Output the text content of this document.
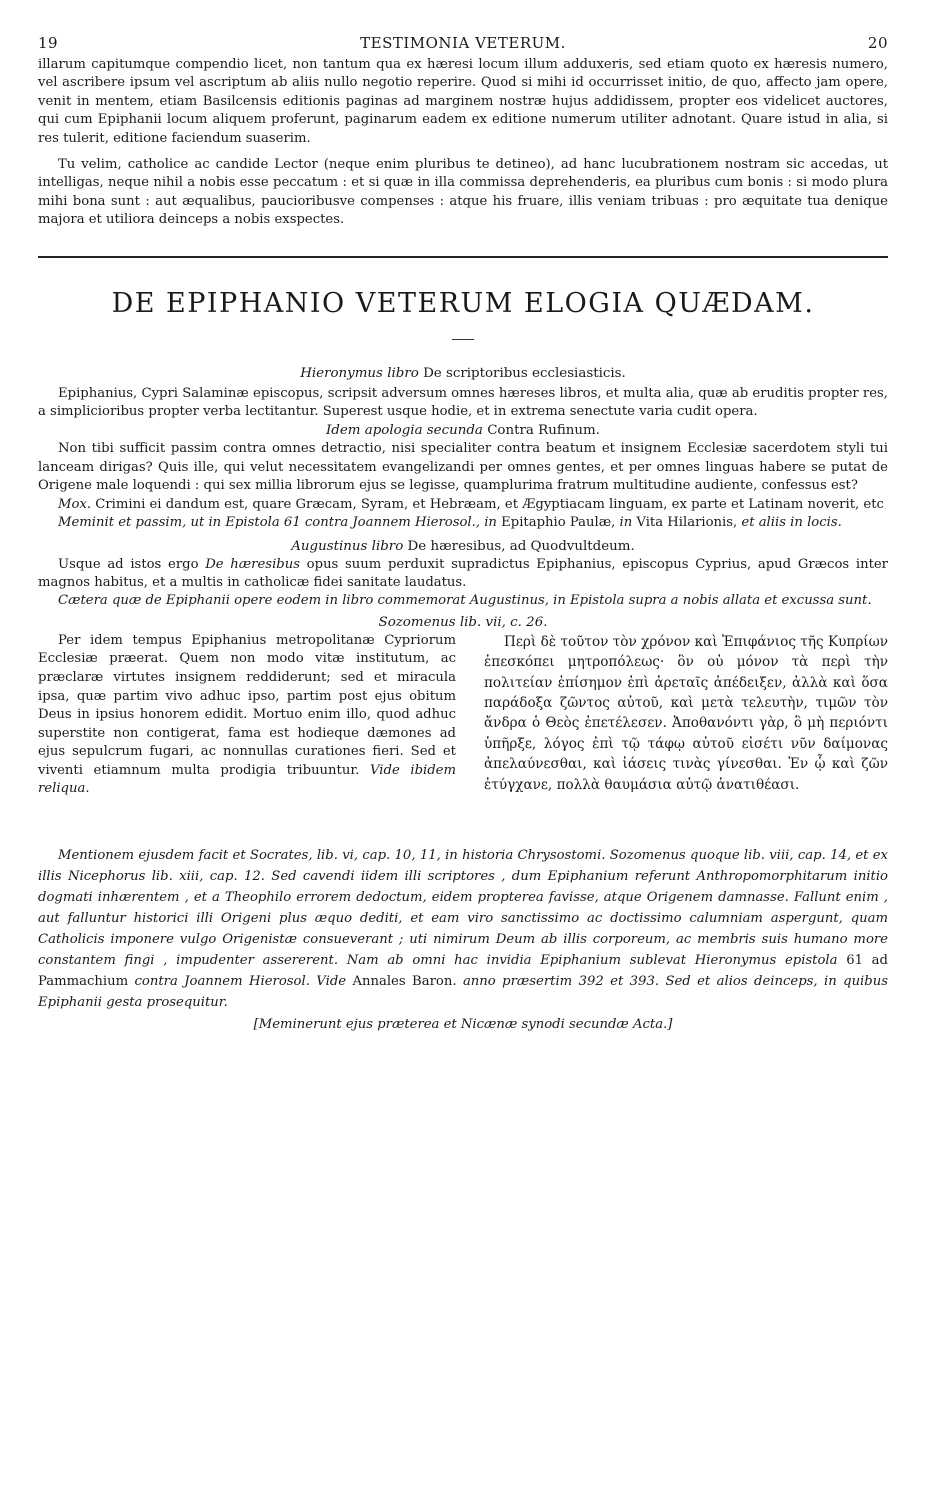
19	TESTIMONIA VETERUM.	20

illarum capitumque compendio licet, non tantum qua ex hæresi locum illum adduxeris, sed etiam quoto ex hæresis numero, vel ascribere ipsum vel ascriptum ab aliis nullo negotio reperire. Quod si mihi id occurrisset initio, de quo, affecto jam opere, venit in mentem, etiam Basilcensis editionis paginas ad marginem nostræ hujus addidissem, propter eos videlicet auctores, qui cum Epiphanii locum aliquem proferunt, paginarum eadem ex editione numerum utiliter adnotant. Quare istud in alia, si res tulerit, editione faciendum suaserim.

Tu velim, catholice ac candide Lector (neque enim pluribus te detineo), ad hanc lucubrationem nostram sic accedas, ut intelligas, neque nihil a nobis esse peccatum : et si quæ in illa commissa deprehenderis, ea pluribus cum bonis : si modo plura mihi bona sunt : aut æqualibus, paucioribusve compenses : atque his fruare, illis veniam tribuas : pro æquitate tua denique majora et utiliora deinceps a nobis exspectes.

DE EPIPHANIO VETERUM ELOGIA QUÆDAM.
Hieronymus libro De scriptoribus ecclesiasticis.

Epiphanius, Cypri Salaminæ episcopus, scripsit adversum omnes hæreses libros, et multa alia, quæ ab eruditis propter res, a simplicioribus propter verba lectitantur. Superest usque hodie, et in extrema senectute varia cudit opera.

Idem apologia secunda Contra Rufinum.

Non tibi sufficit passim contra omnes detractio, nisi specialiter contra beatum et insignem Ecclesiæ sacerdotem styli tui lanceam dirigas? Quis ille, qui velut necessitatem evangelizandi per omnes gentes, et per omnes linguas habere se putat de Origene male loquendi : qui sex millia librorum ejus se legisse, quamplurima fratrum multitudine audiente, confessus est?

Mox. Crimini ei dandum est, quare Græcam, Syram, et Hebræam, et Ægyptiacam linguam, ex parte et Latinam noverit, etc

Meminit et passim, ut in Epistola 61 contra Joannem Hierosol., in Epitaphio Paulæ, in Vita Hilarionis, et aliis in locis.

Augustinus libro De hæresibus, ad Quodvultdeum.

Usque ad istos ergo De hæresibus opus suum perduxit supradictus Epiphanius, episcopus Cyprius, apud Græcos inter magnos habitus, et a multis in catholicæ fidei sanitate laudatus.

Cætera quæ de Epiphanii opere eodem in libro commemorat Augustinus, in Epistola supra a nobis allata et excussa sunt.

Sozomenus lib. vii, c. 26.

Per idem tempus Epiphanius metropolitanæ Cypriorum Ecclesiæ præerat. Quem non modo vitæ institutum, ac præclaræ virtutes insignem reddiderunt; sed et miracula ipsa, quæ partim vivo adhuc ipso, partim post ejus obitum Deus in ipsius honorem edidit. Mortuo enim illo, quod adhuc superstite non contigerat, fama est hodieque dæmones ad ejus sepulcrum fugari, ac nonnullas curationes fieri. Sed et viventi etiamnum multa prodigia tribuuntur. Vide ibidem reliqua.

Περὶ δὲ τοῦτον τὸν χρόνον καὶ Ἐπιφάνιος τῆς Κυπρίων ἐπεσκόπει μητροπόλεως· ὃν οὐ μόνον τὰ περὶ τὴν πολιτείαν ἐπίσημον ἐπὶ ἀρεταῖς ἀπέδειξεν, ἀλλὰ καὶ ὅσα παράδοξα ζῶντος αὐτοῦ, καὶ μετὰ τελευτὴν, τιμῶν τὸν ἄνδρα ὁ Θεὸς ἐπετέλεσεν. Ἀποθανόντι γὰρ, ὃ μὴ περιόντι ὑπῆρξε, λόγος ἐπὶ τῷ τάφῳ αὐτοῦ εἰσέτι νῦν δαίμονας ἀπελαύνεσθαι, καὶ ἰάσεις τινὰς γίνεσθαι. Ἐν ᾧ καὶ ζῶν ἐτύγχανε, πολλὰ θαυμάσια αὐτῷ ἀνατιθέασι.

Mentionem ejusdem facit et Socrates, lib. vi, cap. 10, 11, in historia Chrysostomi. Sozomenus quoque lib. viii, cap. 14, et ex illis Nicephorus lib. xiii, cap. 12. Sed cavendi iidem illi scriptores , dum Epiphanium referunt Anthropomorphitarum initio dogmati inhærentem , et a Theophilo errorem dedoctum, eidem propterea favisse, atque Origenem damnasse. Fallunt enim , aut falluntur historici illi Origeni plus æquo dediti, et eam viro sanctissimo ac doctissimo calumniam aspergunt, quam Catholicis imponere vulgo Origenistæ consueverant ; uti nimirum Deum ab illis corporeum, ac membris suis humano more constantem fingi , impudenter assererent. Nam ab omni hac invidia Epiphanium sublevat Hieronymus epistola 61 ad Pammachium contra Joannem Hierosol. Vide Annales Baron. anno præsertim 392 et 393. Sed et alios deinceps, in quibus Epiphanii gesta prosequitur.

[Meminerunt ejus præterea et Nicænæ synodi secundæ Acta.]
